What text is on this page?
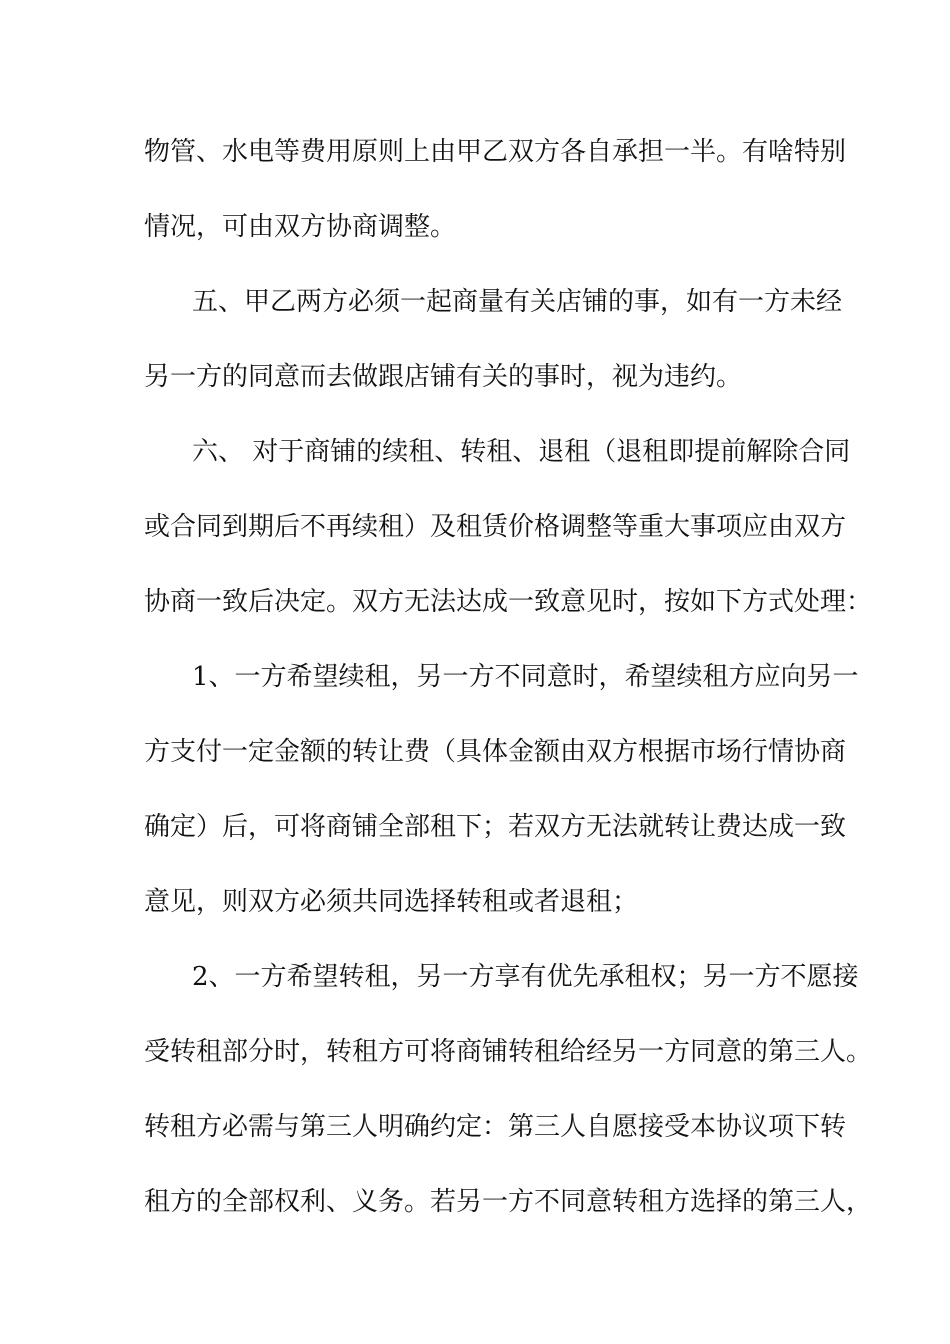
物管、水电等费用原则上由甲乙双方各自承担一半。有啥特别
情况，可由双方协商调整。
五、甲乙两方必须一起商量有关店铺的事，如有一方未经
另一方的同意而去做跟店铺有关的事时，视为违约。
六、 对于商铺的续租、转租、退租（退租即提前解除合同
或合同到期后不再续租）及租赁价格调整等重大事项应由双方
协商一致后决定。双方无法达成一致意见时，按如下方式处理：
1、一方希望续租，另一方不同意时，希望续租方应向另一
方支付一定金额的转让费（具体金额由双方根据市场行情协商
确定）后，可将商铺全部租下；若双方无法就转让费达成一致
意见，则双方必须共同选择转租或者退租；
2、一方希望转租，另一方享有优先承租权；另一方不愿接
受转租部分时，转租方可将商铺转租给经另一方同意的第三人。
转租方必需与第三人明确约定：第三人自愿接受本协议项下转
租方的全部权利、义务。若另一方不同意转租方选择的第三人，
